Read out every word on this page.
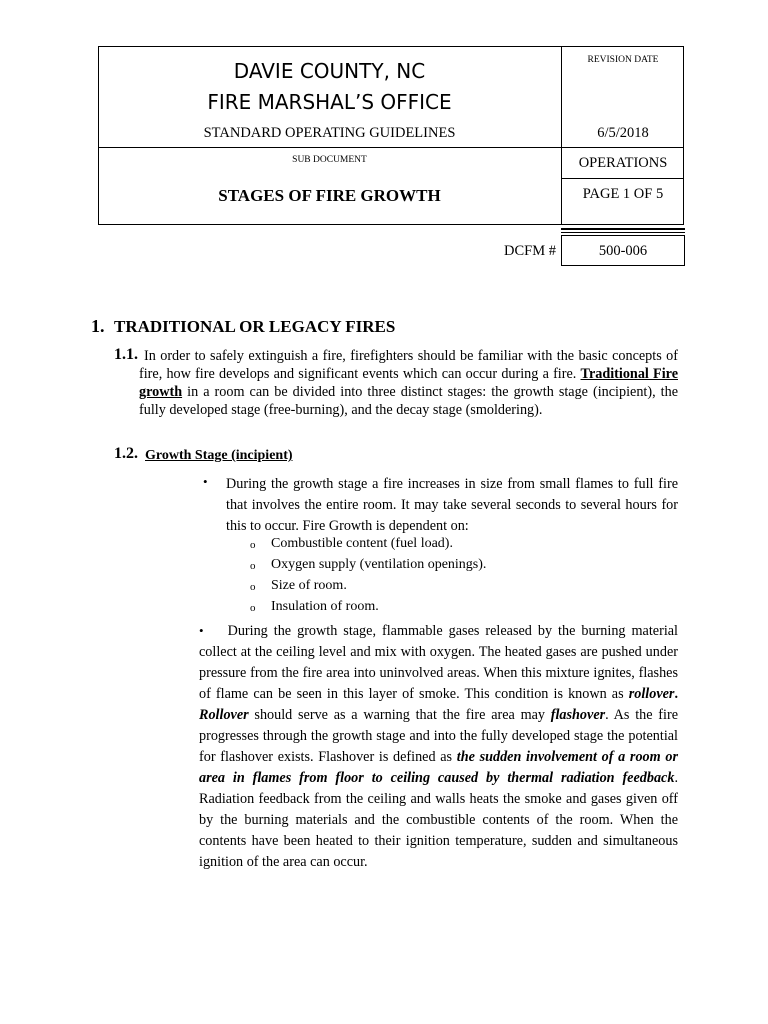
DAVIE COUNTY, NC
FIRE MARSHAL’S OFFICE
STANDARD OPERATING GUIDELINES
REVISION DATE
6/5/2018
SUB DOCUMENT
STAGES OF FIRE GROWTH
OPERATIONS
PAGE 1 OF 5
DCFM #	500-006
1. TRADITIONAL OR LEGACY FIRES
1.1. In order to safely extinguish a fire, firefighters should be familiar with the basic concepts of fire, how fire develops and significant events which can occur during a fire. Traditional Fire growth in a room can be divided into three distinct stages: the growth stage (incipient), the fully developed stage (free-burning), and the decay stage (smoldering).
1.2. Growth Stage (incipient)
• During the growth stage a fire increases in size from small flames to full fire that involves the entire room. It may take several seconds to several hours for this to occur. Fire Growth is dependent on:
o Combustible content (fuel load).
o Oxygen supply (ventilation openings).
o Size of room.
o Insulation of room.
• During the growth stage, flammable gases released by the burning material collect at the ceiling level and mix with oxygen. The heated gases are pushed under pressure from the fire area into uninvolved areas. When this mixture ignites, flashes of flame can be seen in this layer of smoke. This condition is known as rollover. Rollover should serve as a warning that the fire area may flashover. As the fire progresses through the growth stage and into the fully developed stage the potential for flashover exists. Flashover is defined as the sudden involvement of a room or area in flames from floor to ceiling caused by thermal radiation feedback. Radiation feedback from the ceiling and walls heats the smoke and gases given off by the burning materials and the combustible contents of the room. When the contents have been heated to their ignition temperature, sudden and simultaneous ignition of the area can occur.
